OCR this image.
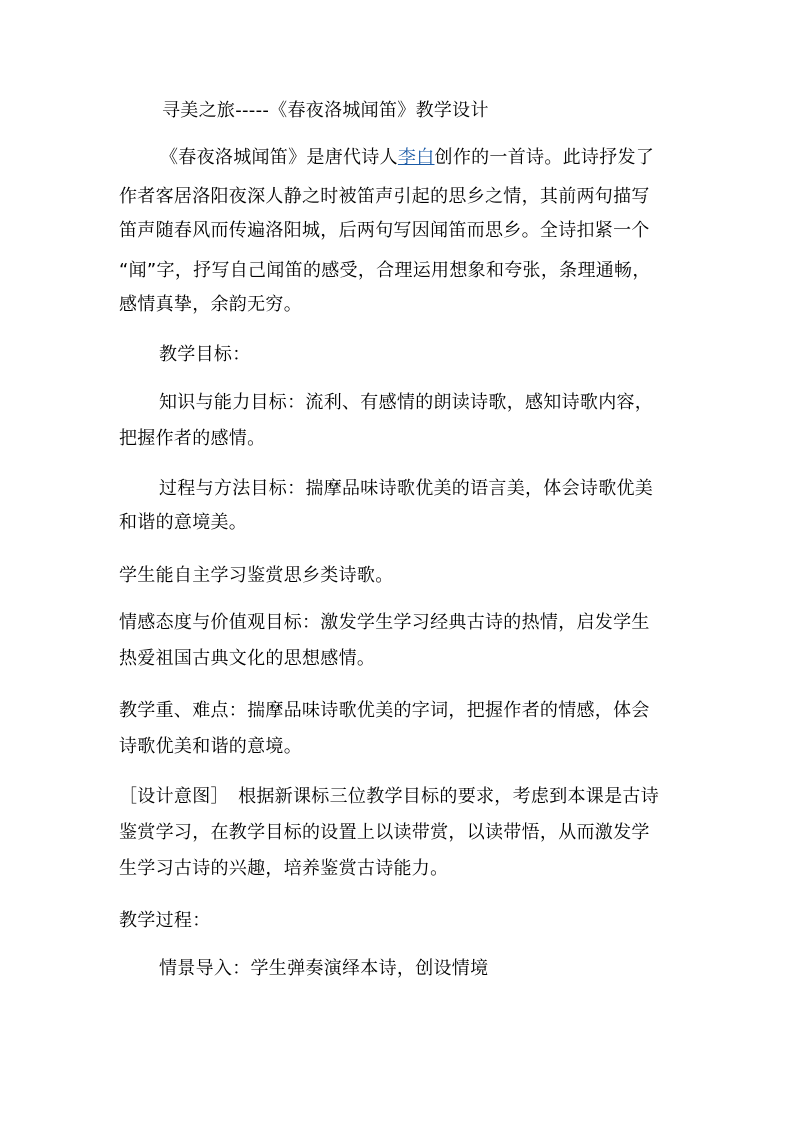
寻美之旅-----《春夜洛城闻笛》教学设计
《春夜洛城闻笛》是唐代诗人李白创作的一首诗。此诗抒发了
作者客居洛阳夜深人静之时被笛声引起的思乡之情，其前两句描写
笛声随春风而传遍洛阳城，后两句写因闻笛而思乡。全诗扣紧一个
“闻”字，抒写自己闻笛的感受，合理运用想象和夸张，条理通畅，
感情真挚，余韵无穷。
教学目标：
知识与能力目标：流利、有感情的朗读诗歌，感知诗歌内容，
把握作者的感情。
过程与方法目标：揣摩品味诗歌优美的语言美，体会诗歌优美
和谐的意境美。
学生能自主学习鉴赏思乡类诗歌。
情感态度与价值观目标：激发学生学习经典古诗的热情，启发学生
热爱祖国古典文化的思想感情。
教学重、难点：揣摩品味诗歌优美的字词，把握作者的情感，体会
诗歌优美和谐的意境。
［设计意图］　根据新课标三位教学目标的要求，考虑到本课是古诗
鉴赏学习，在教学目标的设置上以读带赏，以读带悟，从而激发学
生学习古诗的兴趣，培养鉴赏古诗能力。
教学过程：
情景导入：学生弹奏演绎本诗，创设情境
